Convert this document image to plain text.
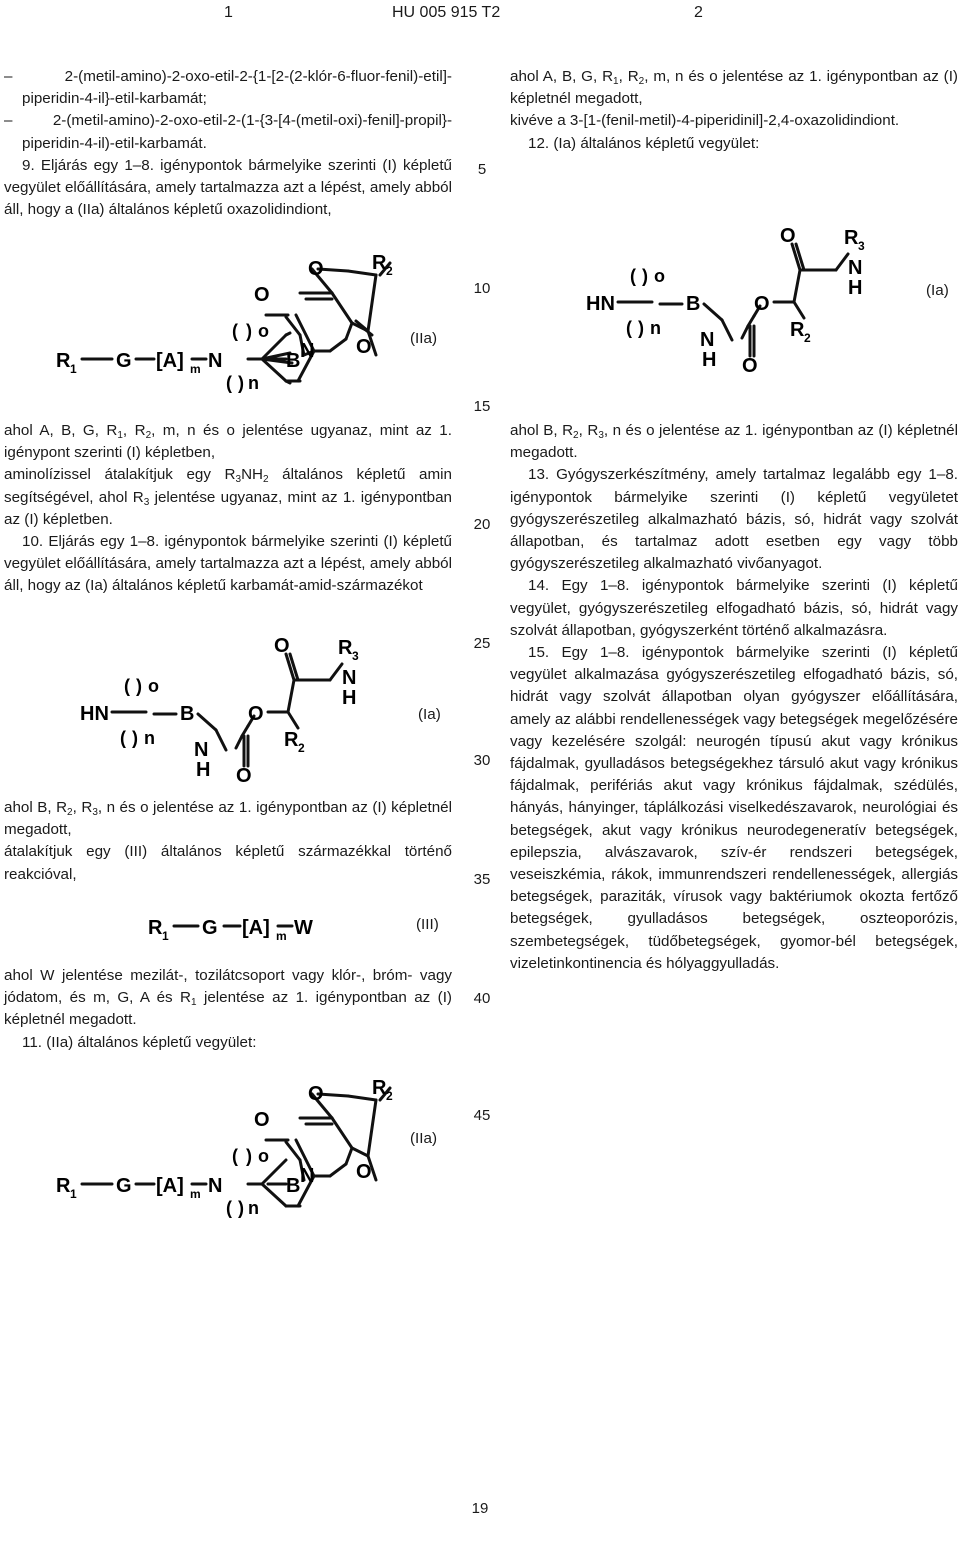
1	HU 005 915 T2	2

– 2-(metil-amino)-2-oxo-etil-2-{1-[2-(2-klór-6-fluor-fenil)-etil]-piperidin-4-il}-etil-karbamát;

– 2-(metil-amino)-2-oxo-etil-2-(1-{3-[4-(metil-oxi)-fenil]-propil}-piperidin-4-il)-etil-karbamát.

9. Eljárás egy 1–8. igénypontok bármelyike szerinti (I) képletű vegyület előállítására, amely tartalmazza azt a lépést, amely abból áll, hogy a (IIa) általános képletű oxazolidindiont,

R 1 G [A] m N
( ) o
( ) n
B N
O
O
O
R 2
(IIa)

ahol A, B, G, $R_1$, $R_2$, m, n és o jelentése ugyanaz, mint az 1. igénypont szerinti (I) képletben,

aminolízissel átalakítjuk egy $R_3NH_2$ általános képletű amin segítségével, ahol $R_3$ jelentése ugyanaz, mint az 1. igénypontban az (I) képletben.

10. Eljárás egy 1–8. igénypontok bármelyike szerinti (I) képletű vegyület előállítására, amely tartalmazza azt a lépést, amely abból áll, hogy az (Ia) általános képletű karbamát-amid-származékot

HN
( ) o
( ) n
B	O
N
H O
R 2
O
N
H
R 3
(Ia)

ahol B, $R_2$, $R_3$, n és o jelentése az 1. igénypontban az (I) képletnél megadott,

átalakítjuk egy (III) általános képletű származékkal történő reakcióval,

R 1 G [A] m W	(III)

ahol W jelentése mezilát-, tozilátcsoport vagy klór-, bróm- vagy jódatom, és m, G, A és $R_1$ jelentése az 1. igénypontban az (I) képletnél megadott.

11. (IIa) általános képletű vegyület:

R 1 G [A] m N
( ) o
( ) n
B N
O
O
O
R 2
(IIa)
5
10
15
20
25
30
35
40
45

ahol A, B, G, $R_1$, $R_2$, m, n és o jelentése az 1. igénypontban az (I) képletnél megadott,

kivéve a 3-[1-(fenil-metil)-4-piperidinil]-2,4-oxazolidindiont.

12. (Ia) általános képletű vegyület:

HN
( ) o
( ) n
B	O
N
H O
R 2
O
N
H
R 3
(Ia)

ahol B, $R_2$, $R_3$, n és o jelentése az 1. igénypontban az (I) képletnél megadott.

13. Gyógyszerkészítmény, amely tartalmaz legalább egy 1–8. igénypontok bármelyike szerinti (I) képletű vegyületet gyógyszerészetileg alkalmazható bázis, só, hidrát vagy szolvát állapotban, és tartalmaz adott esetben egy vagy több gyógyszerészetileg alkalmazható vivőanyagot.

14. Egy 1–8. igénypontok bármelyike szerinti (I) képletű vegyület, gyógyszerészetileg elfogadható bázis, só, hidrát vagy szolvát állapotban, gyógyszerként történő alkalmazásra.

15. Egy 1–8. igénypontok bármelyike szerinti (I) képletű vegyület alkalmazása gyógyszerészetileg elfogadható bázis, só, hidrát vagy szolvát állapotban olyan gyógyszer előállítására, amely az alábbi rendellenességek vagy betegségek megelőzésére vagy kezelésére szolgál: neurogén típusú akut vagy krónikus fájdalmak, gyulladásos betegségekhez társuló akut vagy krónikus fájdalmak, perifériás akut vagy krónikus fájdalmak, szédülés, hányás, hányinger, táplálkozási viselkedészavarok, neurológiai és betegségek, akut vagy krónikus neurodegeneratív betegségek, epilepszia, alvászavarok, szív-ér rendszeri betegségek, veseiszkémia, rákok, immunrendszeri rendellenességek, allergiás betegségek, paraziták, vírusok vagy baktériumok okozta fertőző betegségek, gyulladásos betegségek, oszteoporózis, szembetegségek, tüdőbetegségek, gyomor-bél betegségek, vizeletinkontinencia és hólyaggyulladás.

19
